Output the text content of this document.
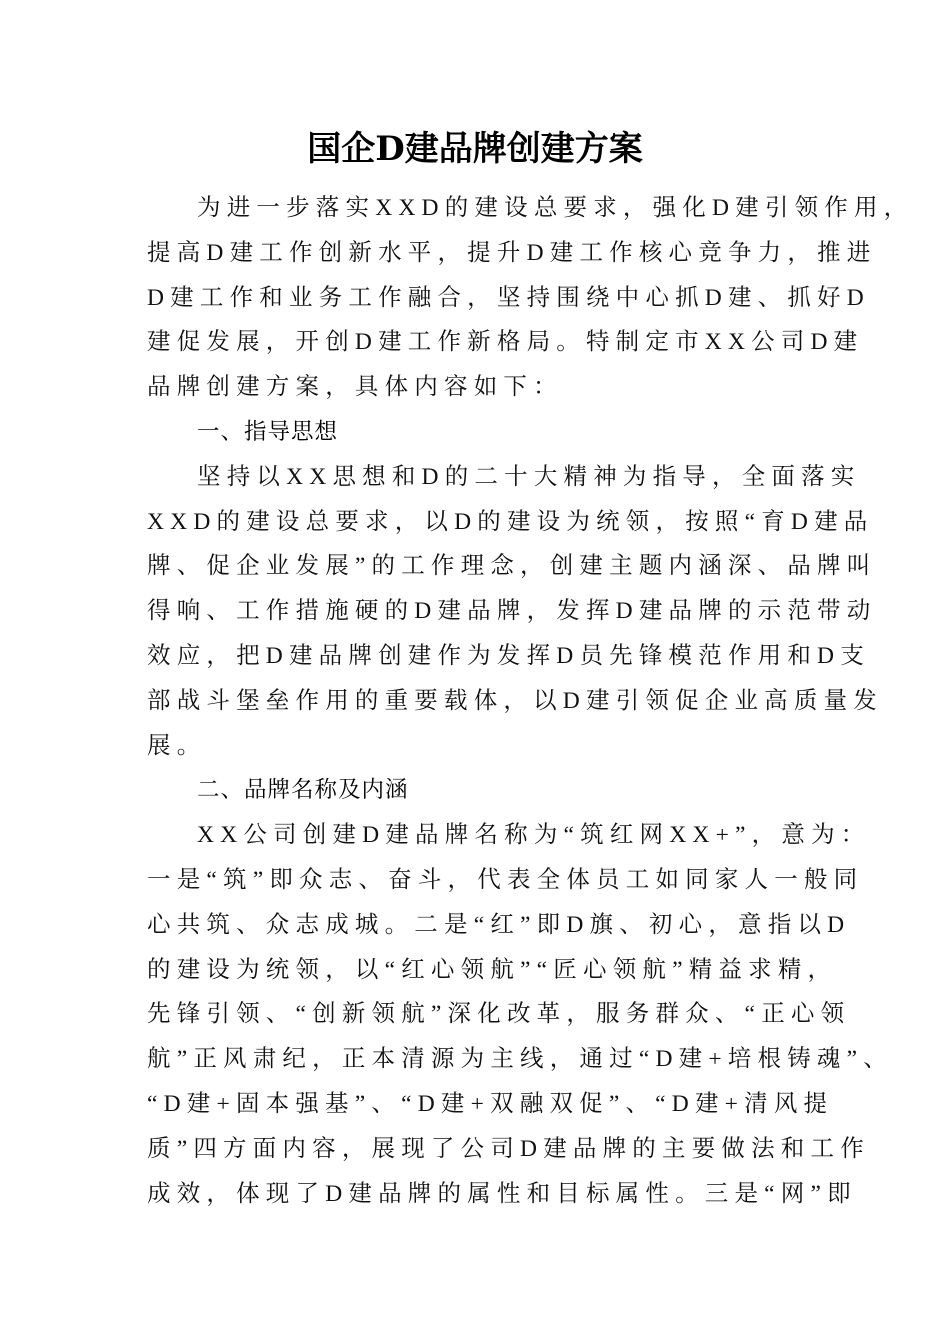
国企D建品牌创建方案
为进一步落实XXD的建设总要求，强化D建引领作用，
提高D建工作创新水平，提升D建工作核心竞争力，推进
D建工作和业务工作融合，坚持围绕中心抓D建、抓好D
建促发展，开创D建工作新格局。特制定市XX公司D建
品牌创建方案，具体内容如下：
一、指导思想
坚持以XX思想和D的二十大精神为指导，全面落实
XXD的建设总要求，以D的建设为统领，按照“育D建品
牌、促企业发展”的工作理念，创建主题内涵深、品牌叫
得响、工作措施硬的D建品牌，发挥D建品牌的示范带动
效应，把D建品牌创建作为发挥D员先锋模范作用和D支
部战斗堡垒作用的重要载体，以D建引领促企业高质量发
展。
二、品牌名称及内涵
XX公司创建D建品牌名称为“筑红网XX+”，意为：
一是“筑”即众志、奋斗，代表全体员工如同家人一般同
心共筑、众志成城。二是“红”即D旗、初心，意指以D
的建设为统领，以“红心领航”“匠心领航”精益求精，
先锋引领、“创新领航”深化改革，服务群众、“正心领
航”正风肃纪，正本清源为主线，通过“D建+培根铸魂”、
“D建+固本强基”、“D建+双融双促”、“D建+清风提
质”四方面内容，展现了公司D建品牌的主要做法和工作
成效，体现了D建品牌的属性和目标属性。三是“网”即
